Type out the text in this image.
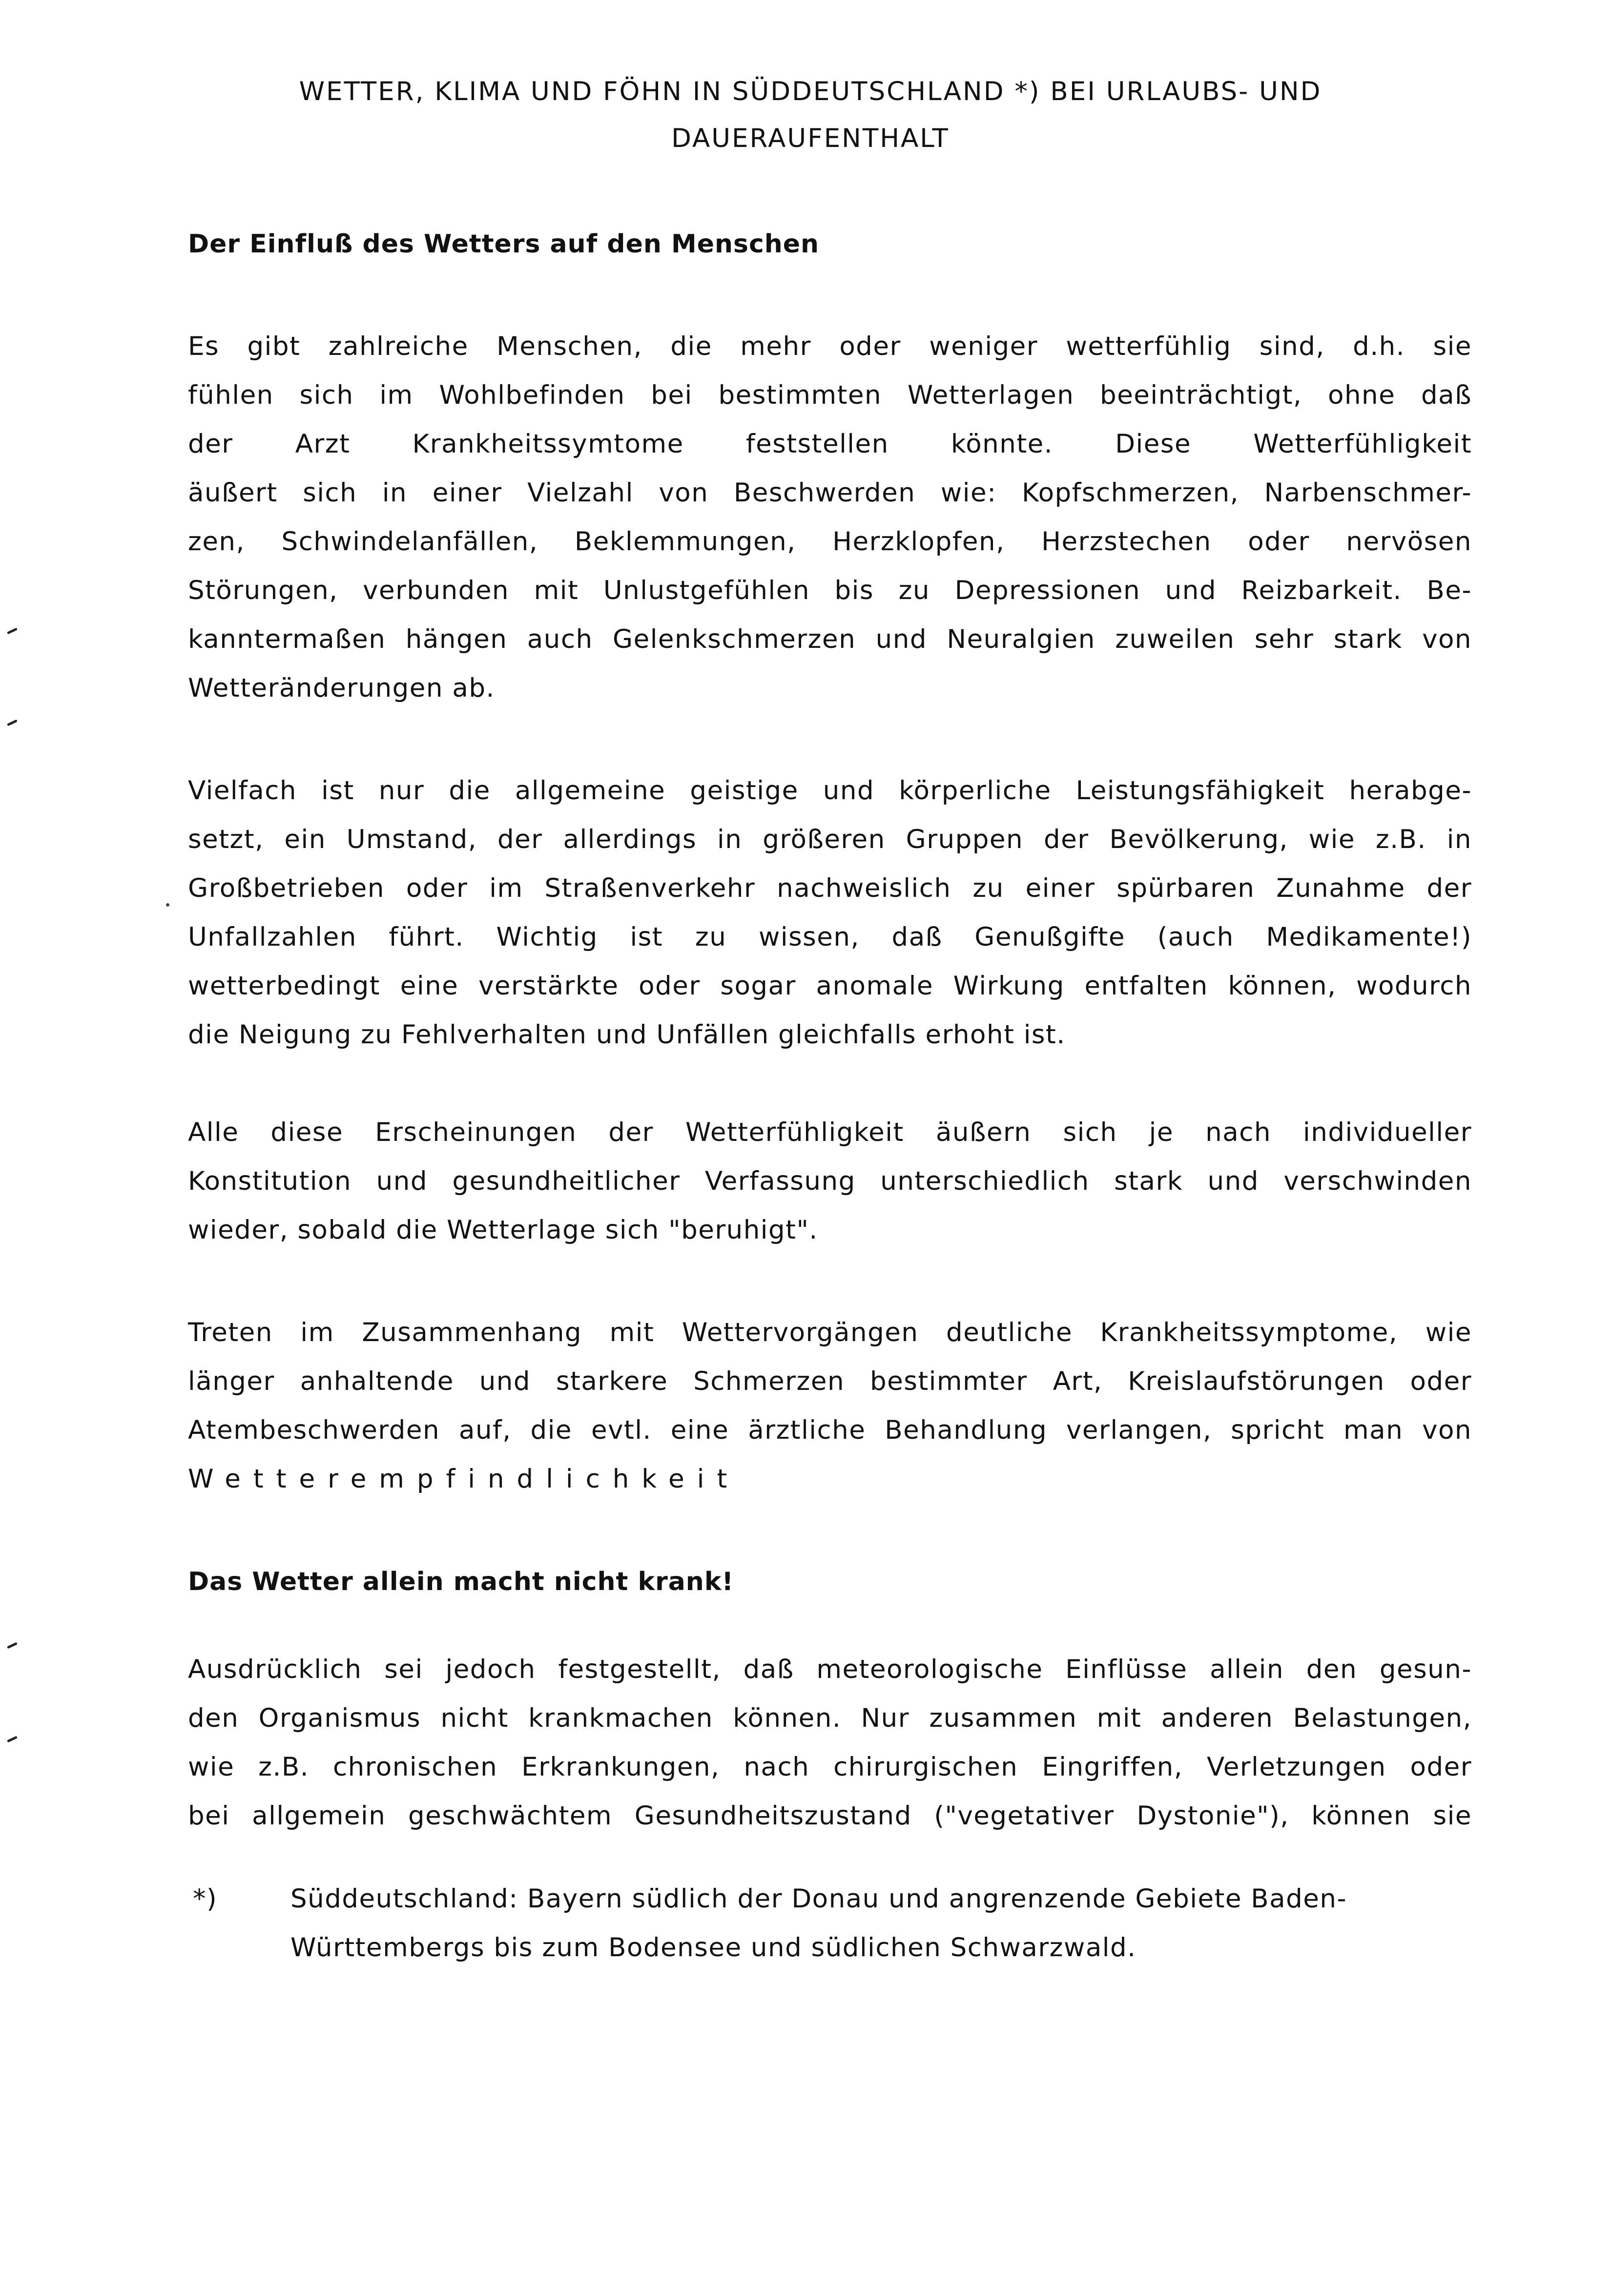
WETTER, KLIMA UND FÖHN IN SÜDDEUTSCHLAND *) BEI URLAUBS- UND
DAUERAUFENTHALT
Der Einfluß des Wetters auf den Menschen
Es gibt zahlreiche Menschen, die mehr oder weniger wetterfühlig sind, d.h. sie
fühlen sich im Wohlbefinden bei bestimmten Wetterlagen beeinträchtigt, ohne daß
der Arzt Krankheitssymtome feststellen könnte. Diese Wetterfühligkeit
äußert sich in einer Vielzahl von Beschwerden wie: Kopfschmerzen, Narbenschmer-
zen, Schwindelanfällen, Beklemmungen, Herzklopfen, Herzstechen oder nervösen
Störungen, verbunden mit Unlustgefühlen bis zu Depressionen und Reizbarkeit. Be-
kanntermaßen hängen auch Gelenkschmerzen und Neuralgien zuweilen sehr stark von
Wetteränderungen ab.
Vielfach ist nur die allgemeine geistige und körperliche Leistungsfähigkeit herabge-
setzt, ein Umstand, der allerdings in größeren Gruppen der Bevölkerung, wie z.B. in
Großbetrieben oder im Straßenverkehr nachweislich zu einer spürbaren Zunahme der
Unfallzahlen führt. Wichtig ist zu wissen, daß Genußgifte (auch Medikamente!)
wetterbedingt eine verstärkte oder sogar anomale Wirkung entfalten können, wodurch
die Neigung zu Fehlverhalten und Unfällen gleichfalls erhoht ist.
Alle diese Erscheinungen der Wetterfühligkeit äußern sich je nach individueller
Konstitution und gesundheitlicher Verfassung unterschiedlich stark und verschwinden
wieder, sobald die Wetterlage sich "beruhigt".
Treten im Zusammenhang mit Wettervorgängen deutliche Krankheitssymptome, wie
länger anhaltende und starkere Schmerzen bestimmter Art, Kreislaufstörungen oder
Atembeschwerden auf, die evtl. eine ärztliche Behandlung verlangen, spricht man von
Wetterempfindlichkeit
Das Wetter allein macht nicht krank!
Ausdrücklich sei jedoch festgestellt, daß meteorologische Einflüsse allein den gesun-
den Organismus nicht krankmachen können. Nur zusammen mit anderen Belastungen,
wie z.B. chronischen Erkrankungen, nach chirurgischen Eingriffen, Verletzungen oder
bei allgemein geschwächtem Gesundheitszustand ("vegetativer Dystonie"), können sie
*)	Süddeutschland: Bayern südlich der Donau und angrenzende Gebiete Baden-
Württembergs bis zum Bodensee und südlichen Schwarzwald.
